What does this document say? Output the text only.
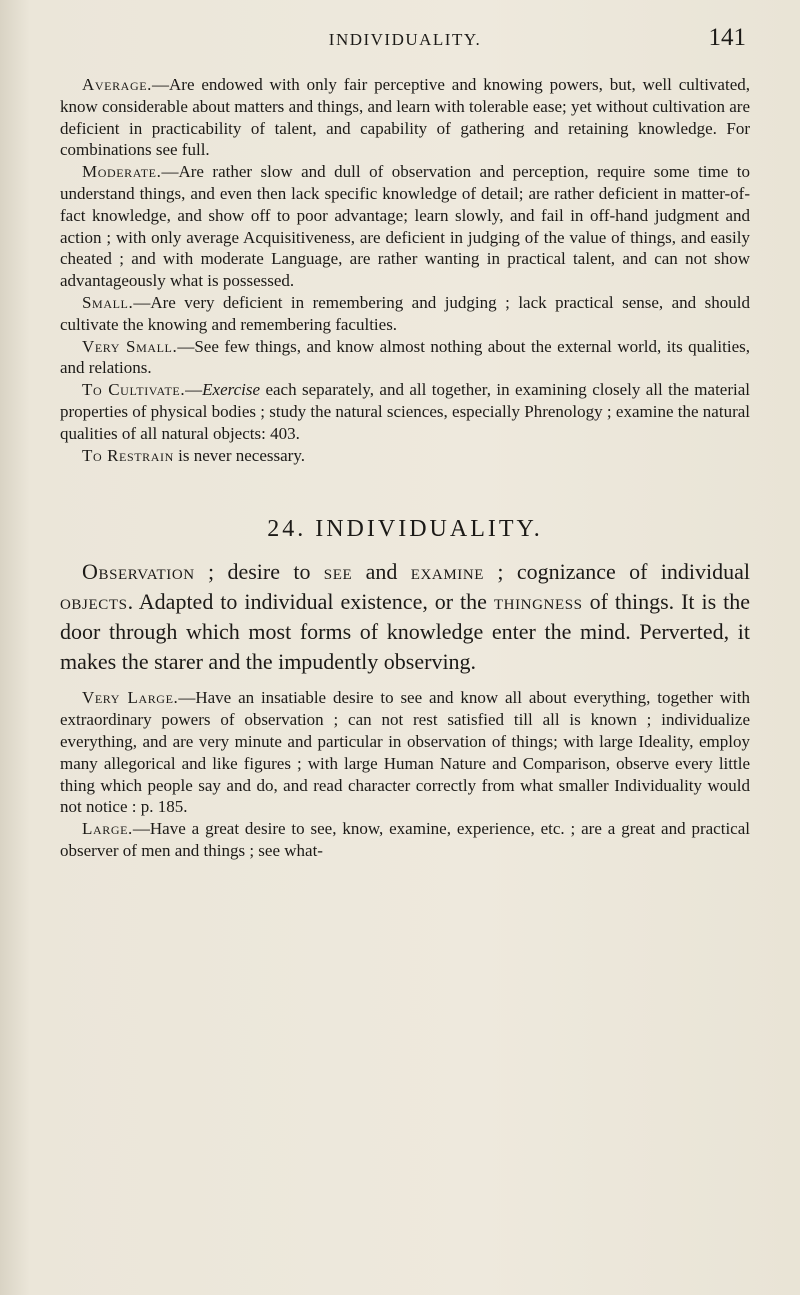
INDIVIDUALITY.	141

Average.—Are endowed with only fair perceptive and knowing powers, but, well cultivated, know considerable about matters and things, and learn with tolerable ease; yet without cultivation are deficient in practicability of talent, and capability of gathering and retaining knowledge. For combinations see full.

Moderate.—Are rather slow and dull of observation and perception, require some time to understand things, and even then lack specific knowledge of detail; are rather deficient in matter-of-fact knowledge, and show off to poor advantage; learn slowly, and fail in off-hand judgment and action ; with only average Acquisitiveness, are deficient in judging of the value of things, and easily cheated ; and with moderate Language, are rather wanting in practical talent, and can not show advantageously what is possessed.

Small.—Are very deficient in remembering and judging ; lack practical sense, and should cultivate the knowing and remembering faculties.

Very Small.—See few things, and know almost nothing about the external world, its qualities, and relations.

To Cultivate.—Exercise each separately, and all together, in examining closely all the material properties of physical bodies ; study the natural sciences, especially Phrenology ; examine the natural qualities of all natural objects: 403.

To Restrain is never necessary.

24. INDIVIDUALITY.

Observation ; desire to see and examine ; cognizance of individual objects. Adapted to individual existence, or the thingness of things. It is the door through which most forms of knowledge enter the mind. Perverted, it makes the starer and the impudently observing.

Very Large.—Have an insatiable desire to see and know all about everything, together with extraordinary powers of observation ; can not rest satisfied till all is known ; individualize everything, and are very minute and particular in observation of things; with large Ideality, employ many allegorical and like figures ; with large Human Nature and Comparison, observe every little thing which people say and do, and read character correctly from what smaller Individuality would not notice : p. 185.

Large.—Have a great desire to see, know, examine, experience, etc. ; are a great and practical observer of men and things ; see what-
